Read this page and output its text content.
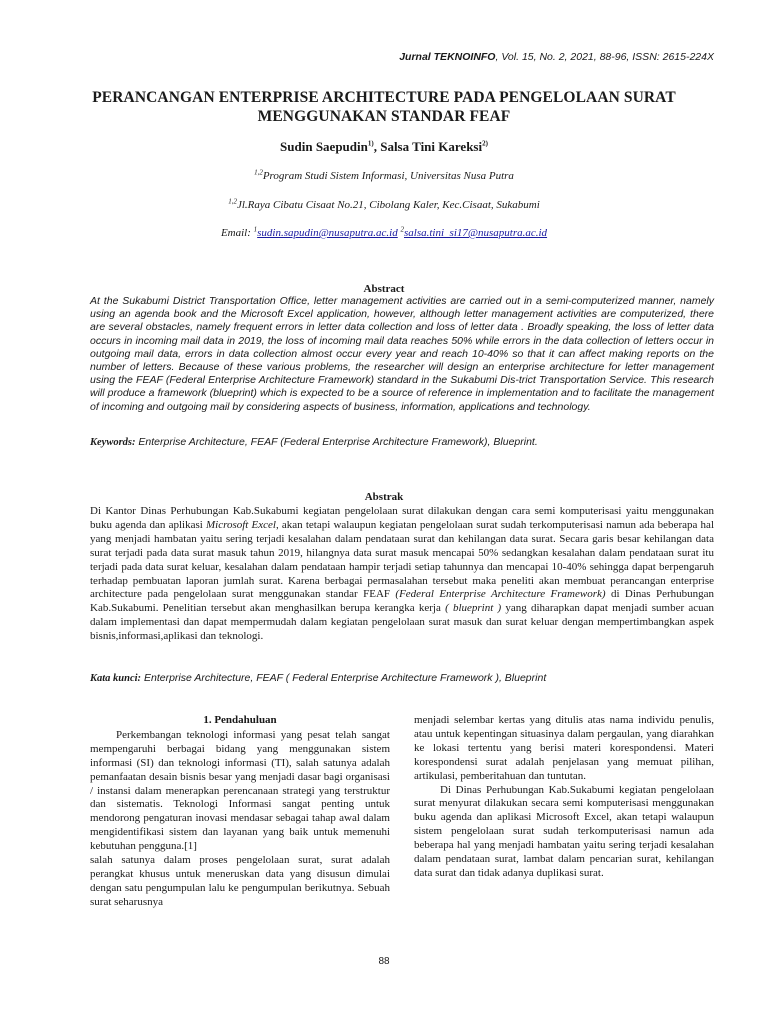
Jurnal TEKNOINFO, Vol. 15, No. 2, 2021, 88-96, ISSN: 2615-224X
PERANCANGAN ENTERPRISE ARCHITECTURE PADA PENGELOLAAN SURAT MENGGUNAKAN STANDAR FEAF
Sudin Saepudin$^{1)}$, Salsa Tini Kareksi$^{2)}$
$^{1,2}$Program Studi Sistem Informasi, Universitas Nusa Putra
$^{1,2}$Jl.Raya Cibatu Cisaat No.21, Cibolang Kaler, Kec.Cisaat, Sukabumi
Email: $^1$sudin.sapudin@nusaputra.ac.id $^2$salsa.tini_si17@nusaputra.ac.id
Abstract

At the Sukabumi District Transportation Office, letter management activities are carried out in a semi-computerized manner, namely using an agenda book and the Microsoft Excel application, however, although letter management activities are computerized, there are several obstacles, namely frequent errors in letter data collection and loss of letter data . Broadly speaking, the loss of letter data occurs in incoming mail data in 2019, the loss of incoming mail data reaches 50% while errors in the data collection of letters occur in outgoing mail data, errors in data collection almost occur every year and reach 10-40% so that it can affect making reports on the number of letters. Because of these various problems, the researcher will design an enterprise architecture for letter management using the FEAF (Federal Enterprise Architecture Framework) standard in the Sukabumi Dis-trict Transportation Service. This research will produce a framework (blueprint) which is expected to be a source of reference in implementation and to facilitate the management of incoming and outgoing mail by considering aspects of business, information, applications and technology.

Keywords: Enterprise Architecture, FEAF (Federal Enterprise Architecture Framework), Blueprint.
Abstrak

Di Kantor Dinas Perhubungan Kab.Sukabumi kegiatan pengelolaan surat dilakukan dengan cara semi komputerisasi yaitu menggunakan buku agenda dan aplikasi Microsoft Excel, akan tetapi walaupun kegiatan pengelolaan surat sudah terkomputerisasi namun ada beberapa hal yang menjadi hambatan yaitu sering terjadi kesalahan dalam pendataan surat dan kehilangan data surat. Secara garis besar kehilangan data surat terjadi pada data surat masuk tahun 2019, hilangnya data surat masuk mencapai 50% sedangkan kesalahan dalam pendataan surat itu terjadi pada data surat keluar, kesalahan dalam pendataan hampir terjadi setiap tahunnya dan mencapai 10-40% sehingga dapat berpengaruh terhadap pembuatan laporan jumlah surat. Karena berbagai permasalahan tersebut maka peneliti akan membuat perancangan enterprise architecture pada pengelolaan surat menggunakan standar FEAF (Federal Enterprise Architecture Framework) di Dinas Perhubungan Kab.Sukabumi. Penelitian tersebut akan menghasilkan berupa kerangka kerja ( blueprint ) yang diharapkan dapat menjadi sumber acuan dalam implementasi dan dapat mempermudah dalam kegiatan pengelolaan surat masuk dan surat keluar dengan mempertimbangkan aspek bisnis,informasi,aplikasi dan teknologi.

Kata kunci: Enterprise Architecture, FEAF ( Federal Enterprise Architecture Framework ), Blueprint

1. Pendahuluan

Perkembangan teknologi informasi yang pesat telah sangat mempengaruhi berbagai bidang yang menggunakan sistem informasi (SI) dan teknologi informasi (TI), salah satunya adalah pemanfaatan desain bisnis besar yang menjadi dasar bagi organisasi / instansi dalam menerapkan perencanaan strategi yang terstruktur dan sistematis. Teknologi Informasi sangat penting untuk mendorong pengaturan inovasi mendasar sebagai tahap awal dalam mengidentifikasi sistem dan layanan yang baik untuk memenuhi kebutuhan pengguna.[1]

salah satunya dalam proses pengelolaan surat, surat adalah perangkat khusus untuk meneruskan data yang disusun dimulai dengan satu pengumpulan lalu ke pengumpulan berikutnya. Sebuah surat seharusnya

menjadi selembar kertas yang ditulis atas nama individu penulis, atau untuk kepentingan situasinya dalam pergaulan, yang diarahkan ke lokasi tertentu yang berisi materi korespondensi. Materi korespondensi surat adalah penjelasan yang memuat pilihan, artikulasi, pemberitahuan dan tuntutan.

Di Dinas Perhubungan Kab.Sukabumi kegiatan pengelolaan surat menyurat dilakukan secara semi komputerisasi menggunakan buku agenda dan aplikasi Microsoft Excel, akan tetapi walaupun sistem pengelolaan surat sudah terkomputerisasi namun ada beberapa hal yang menjadi hambatan yaitu sering terjadi kesalahan dalam pendataan surat, lambat dalam pencarian surat, kehilangan data surat dan tidak adanya duplikasi surat.

88
